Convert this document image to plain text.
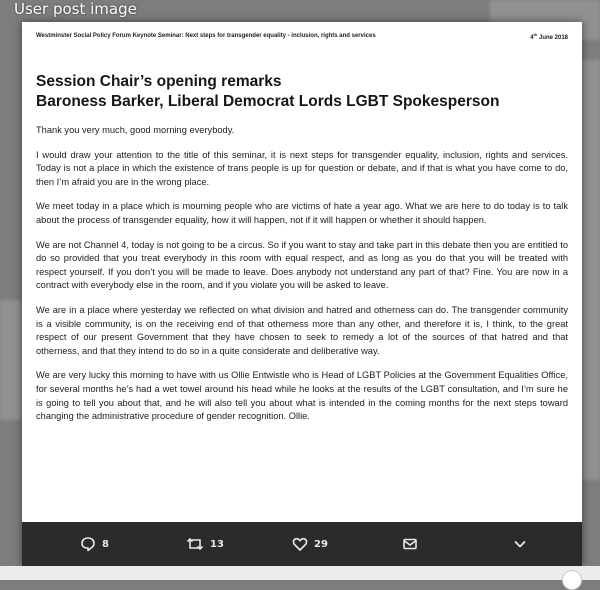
User post image
Westminster Social Policy Forum Keynote Seminar: Next steps for transgender equality - inclusion, rights and services	4th June 2018
Session Chair’s opening remarks
Baroness Barker, Liberal Democrat Lords LGBT Spokesperson

Thank you very much, good morning everybody.

I would draw your attention to the title of this seminar, it is next steps for transgender equality, inclusion, rights and services. Today is not a place in which the existence of trans people is up for question or debate, and if that is what you have come to do, then I’m afraid you are in the wrong place.

We meet today in a place which is mourning people who are victims of hate a year ago. What we are here to do today is to talk about the process of transgender equality, how it will happen, not if it will happen or whether it should happen.

We are not Channel 4, today is not going to be a circus. So if you want to stay and take part in this debate then you are entitled to do so provided that you treat everybody in this room with equal respect, and as long as you do that you will be treated with respect yourself. If you don’t you will be made to leave. Does anybody not understand any part of that? Fine. You are now in a contract with everybody else in the room, and if you violate you will be asked to leave.

We are in a place where yesterday we reflected on what division and hatred and otherness can do. The transgender community is a visible community, is on the receiving end of that otherness more than any other, and therefore it is, I think, to the great respect of our present Government that they have chosen to seek to remedy a lot of the sources of that hatred and that otherness, and that they intend to do so in a quite considerate and deliberative way.

We are very lucky this morning to have with us Ollie Entwistle who is Head of LGBT Policies at the Government Equalities Office, for several months he’s had a wet towel around his head while he looks at the results of the LGBT consultation, and I’m sure he is going to tell you about that, and he will also tell you about what is intended in the coming months for the next steps toward changing the administrative procedure of gender recognition. Ollie.

8	13	29
